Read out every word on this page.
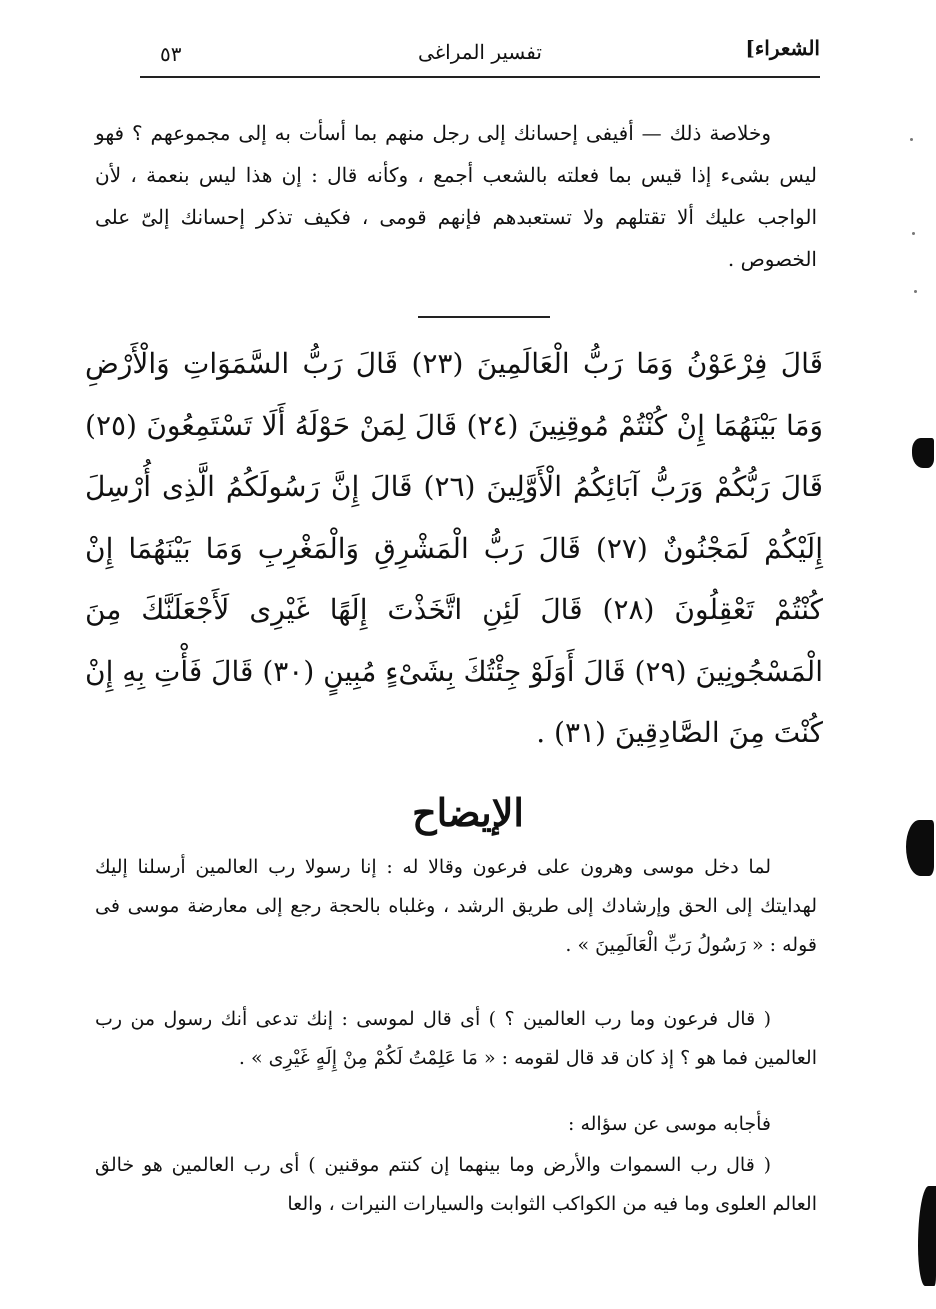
الشعراء]
تفسير المراغى
٥٣
وخلاصة ذلك — أفيفى إحسانك إلى رجل منهم بما أسأت به إلى مجموعهم ؟ فهو ليس بشىء إذا قيس بما فعلته بالشعب أجمع ، وكأنه قال : إن هذا ليس بنعمة ، لأن الواجب عليك ألا تقتلهم ولا تستعبدهم فإنهم قومى ، فكيف تذكر إحسانك إلىّ على الخصوص .
قَالَ فِرْعَوْنُ وَمَا رَبُّ الْعَالَمِينَ (٢٣) قَالَ رَبُّ السَّمَوَاتِ وَالْأَرْضِ وَمَا بَيْنَهُمَا إِنْ كُنْتُمْ مُوقِنِينَ (٢٤) قَالَ لِمَنْ حَوْلَهُ أَلَا تَسْتَمِعُونَ (٢٥) قَالَ رَبُّكُمْ وَرَبُّ آبَائِكُمُ الْأَوَّلِينَ (٢٦) قَالَ إِنَّ رَسُولَكُمُ الَّذِى أُرْسِلَ إِلَيْكُمْ لَمَجْنُونٌ (٢٧) قَالَ رَبُّ الْمَشْرِقِ وَالْمَغْرِبِ وَمَا بَيْنَهُمَا إِنْ كُنْتُمْ تَعْقِلُونَ (٢٨) قَالَ لَئِنِ اتَّخَذْتَ إِلَهًا غَيْرِى لَأَجْعَلَنَّكَ مِنَ الْمَسْجُونِينَ (٢٩) قَالَ أَوَلَوْ جِئْتُكَ بِشَىْءٍ مُبِينٍ (٣٠) قَالَ فَأْتِ بِهِ إِنْ كُنْتَ مِنَ الصَّادِقِينَ (٣١) .
الإيضاح
لما دخل موسى وهرون على فرعون وقالا له : إنا رسولا رب العالمين أرسلنا إليك لهدايتك إلى الحق وإرشادك إلى طريق الرشد ، وغلباه بالحجة رجع إلى معارضة موسى فى قوله : « رَسُولُ رَبِّ الْعَالَمِينَ » .
( قال فرعون وما رب العالمين ؟ ) أى قال لموسى : إنك تدعى أنك رسول من رب العالمين فما هو ؟ إذ كان قد قال لقومه : « مَا عَلِمْتُ لَكُمْ مِنْ إِلَهٍ غَيْرِى » .
فأجابه موسى عن سؤاله :
( قال رب السموات والأرض وما بينهما إن كنتم موقنين ) أى رب العالمين هو خالق العالم العلوى وما فيه من الكواكب الثوابت والسيارات النيرات ، والعا
